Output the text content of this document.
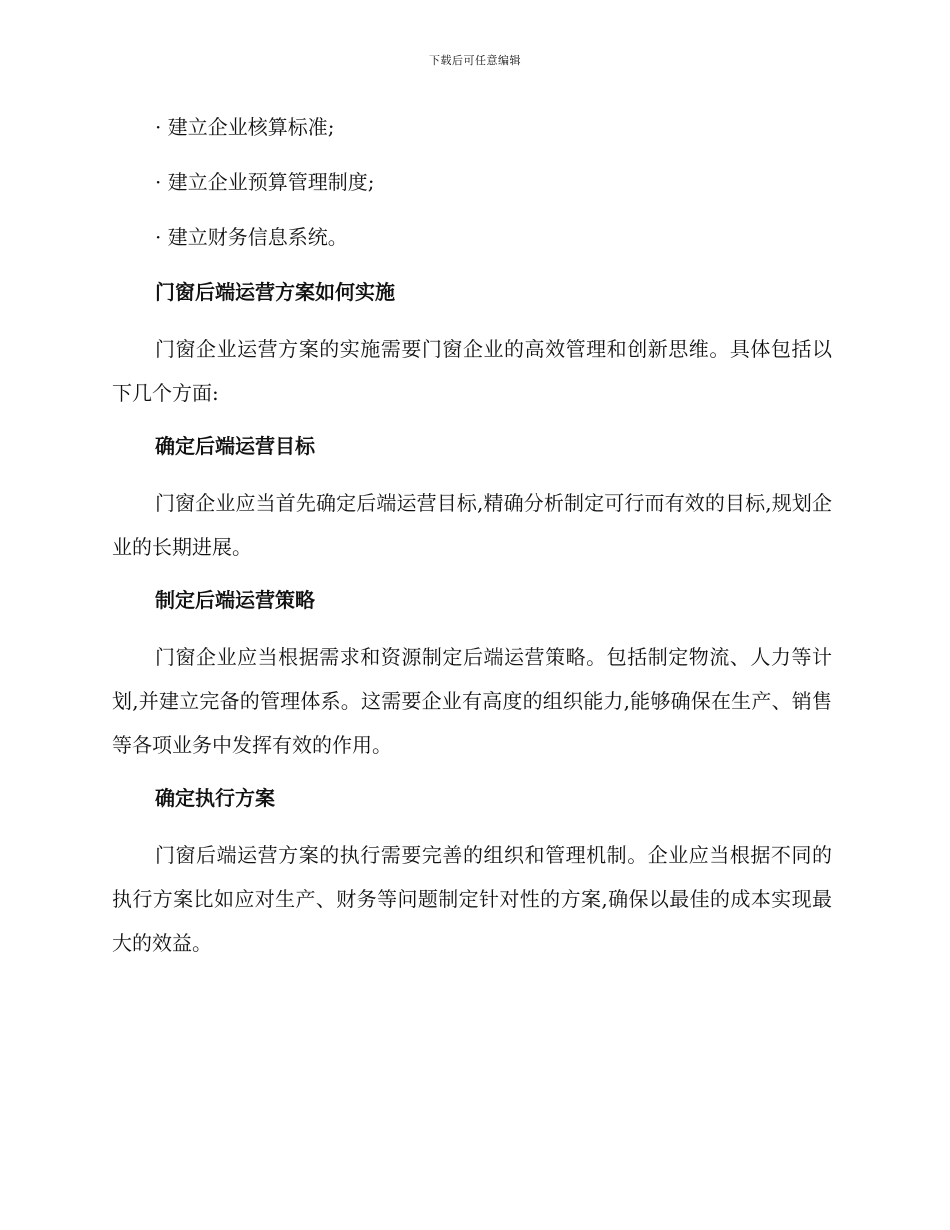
下载后可任意编辑
· 建立企业核算标准;
· 建立企业预算管理制度;
· 建立财务信息系统。
门窗后端运营方案如何实施
门窗企业运营方案的实施需要门窗企业的高效管理和创新思维。具体包括以下几个方面:
确定后端运营目标
门窗企业应当首先确定后端运营目标,精确分析制定可行而有效的目标,规划企业的长期进展。
制定后端运营策略
门窗企业应当根据需求和资源制定后端运营策略。包括制定物流、人力等计划,并建立完备的管理体系。这需要企业有高度的组织能力,能够确保在生产、销售等各项业务中发挥有效的作用。
确定执行方案
门窗后端运营方案的执行需要完善的组织和管理机制。企业应当根据不同的执行方案比如应对生产、财务等问题制定针对性的方案,确保以最佳的成本实现最大的效益。
